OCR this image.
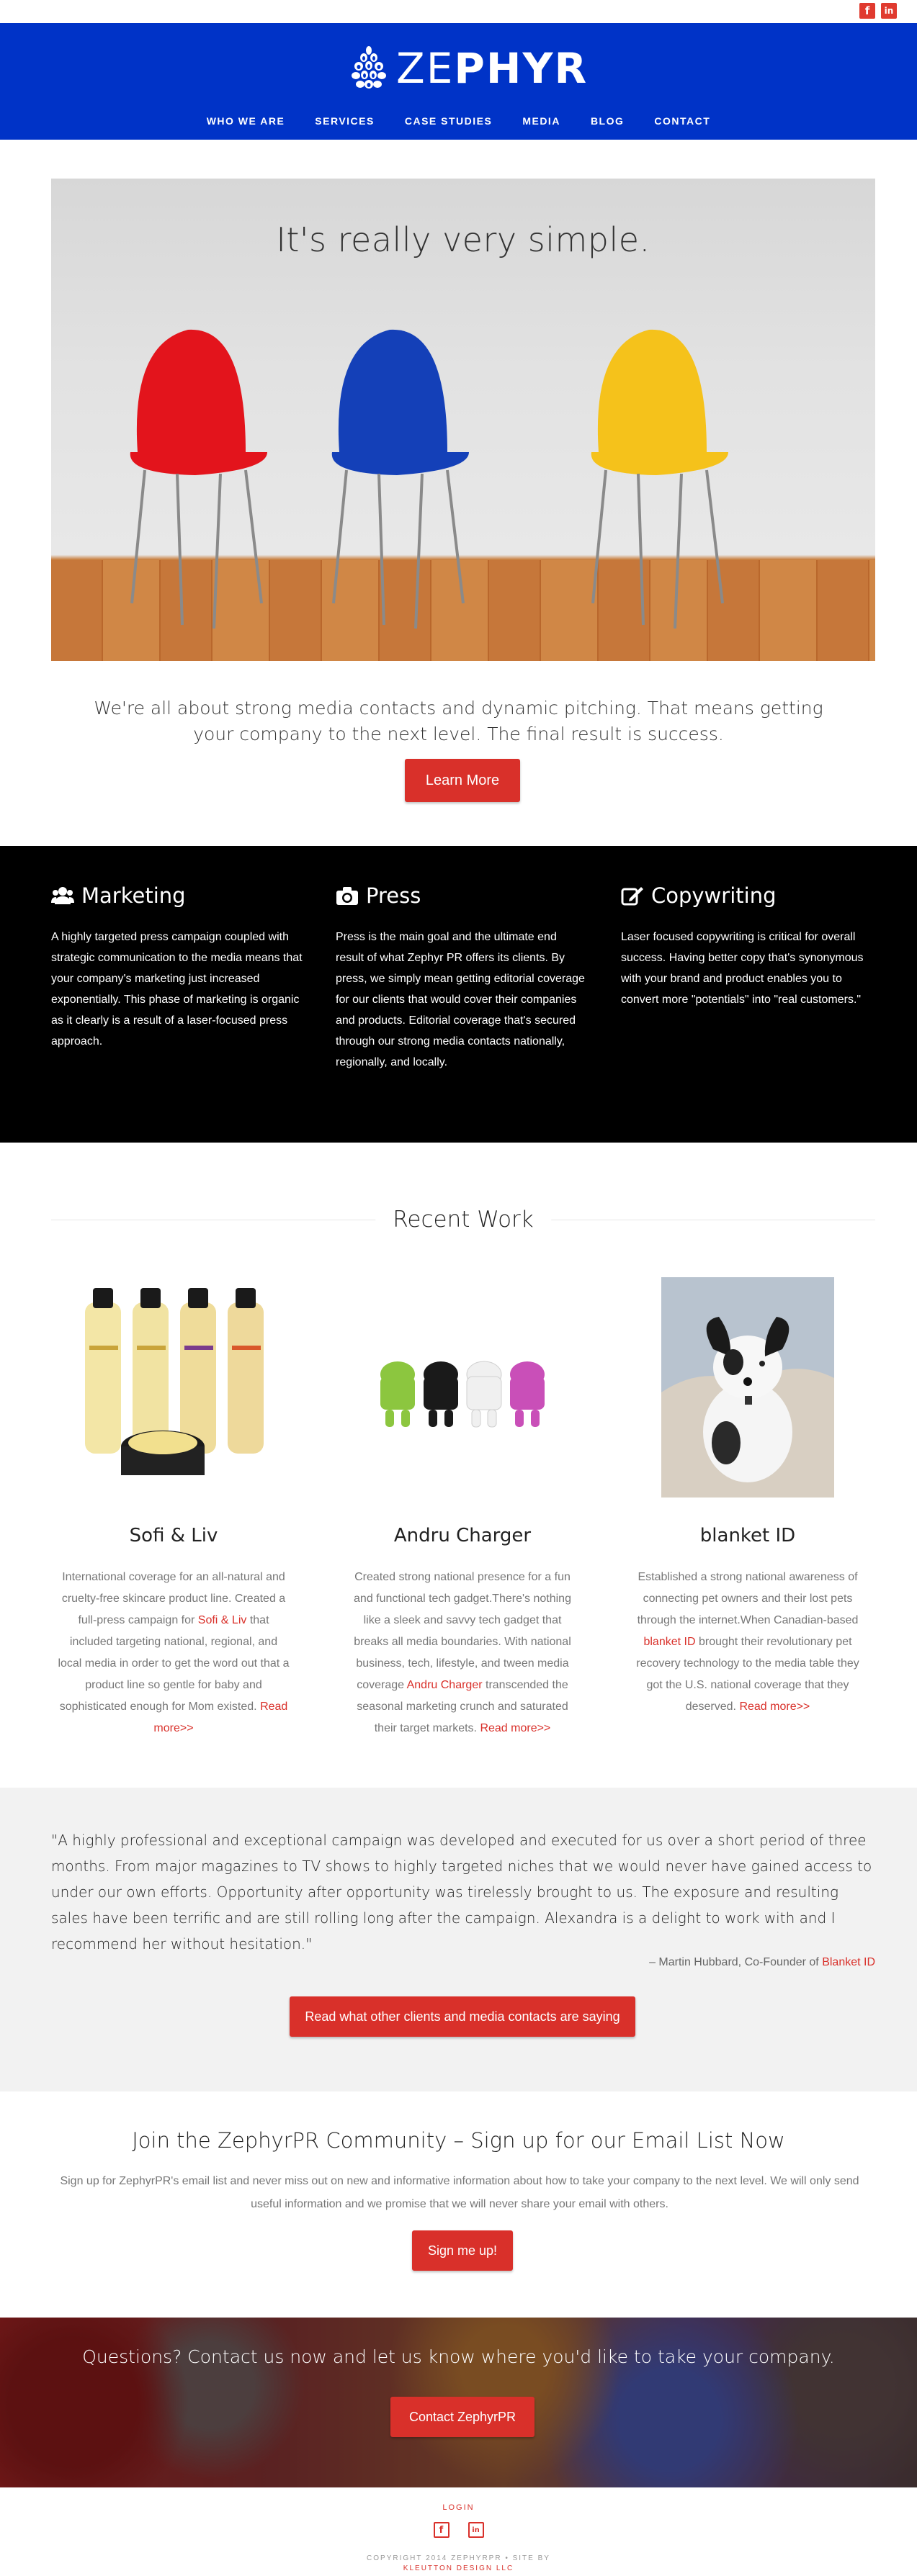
f	in
ZEPHYR
WHO WE ARE	SERVICES	CASE STUDIES	MEDIA	BLOG	CONTACT
It's really very simple.
We're all about strong media contacts and dynamic pitching. That means getting your company to the next level. The final result is success.
Learn More
Marketing

A highly targeted press campaign coupled with strategic communication to the media means that your company's marketing just increased exponentially. This phase of marketing is organic as it clearly is a result of a laser-focused press approach.

Press

Press is the main goal and the ultimate end result of what Zephyr PR offers its clients. By press, we simply mean getting editorial coverage for our clients that would cover their companies and products. Editorial coverage that's secured through our strong media contacts nationally, regionally, and locally.

Copywriting

Laser focused copywriting is critical for overall success. Having better copy that's synonymous with your brand and product enables you to convert more "potentials" into "real customers."

Recent Work
Sofi & Liv

International coverage for an all-natural and cruelty-free skincare product line. Created a full-press campaign for Sofi & Liv that included targeting national, regional, and local media in order to get the word out that a product line so gentle for baby and sophisticated enough for Mom existed. Read more>>

Andru Charger

Created strong national presence for a fun and functional tech gadget.There's nothing like a sleek and savvy tech gadget that breaks all media boundaries. With national business, tech, lifestyle, and tween media coverage Andru Charger transcended the seasonal marketing crunch and saturated their target markets. Read more>>

blanket ID

Established a strong national awareness of connecting pet owners and their lost pets through the internet.When Canadian-based blanket ID brought their revolutionary pet recovery technology to the media table they got the U.S. national coverage that they deserved. Read more>>

"A highly professional and exceptional campaign was developed and executed for us over a short period of three months. From major magazines to TV shows to highly targeted niches that we would never have gained access to under our own efforts. Opportunity after opportunity was tirelessly brought to us. The exposure and resulting sales have been terrific and are still rolling long after the campaign. Alexandra is a delight to work with and I recommend her without hesitation."
– Martin Hubbard, Co-Founder of Blanket ID
Read what other clients and media contacts are saying
Join the ZephyrPR Community – Sign up for our Email List Now
Sign up for ZephyrPR's email list and never miss out on new and informative information about how to take your company to the next level. We will only send useful information and we promise that we will never share your email with others.
Sign me up!
Questions? Contact us now and let us know where you'd like to take your company.
Contact ZephyrPR
LOGIN
f	in
COPYRIGHT 2014 ZEPHYRPR • SITE BY
KLEUTTON DESIGN LLC
